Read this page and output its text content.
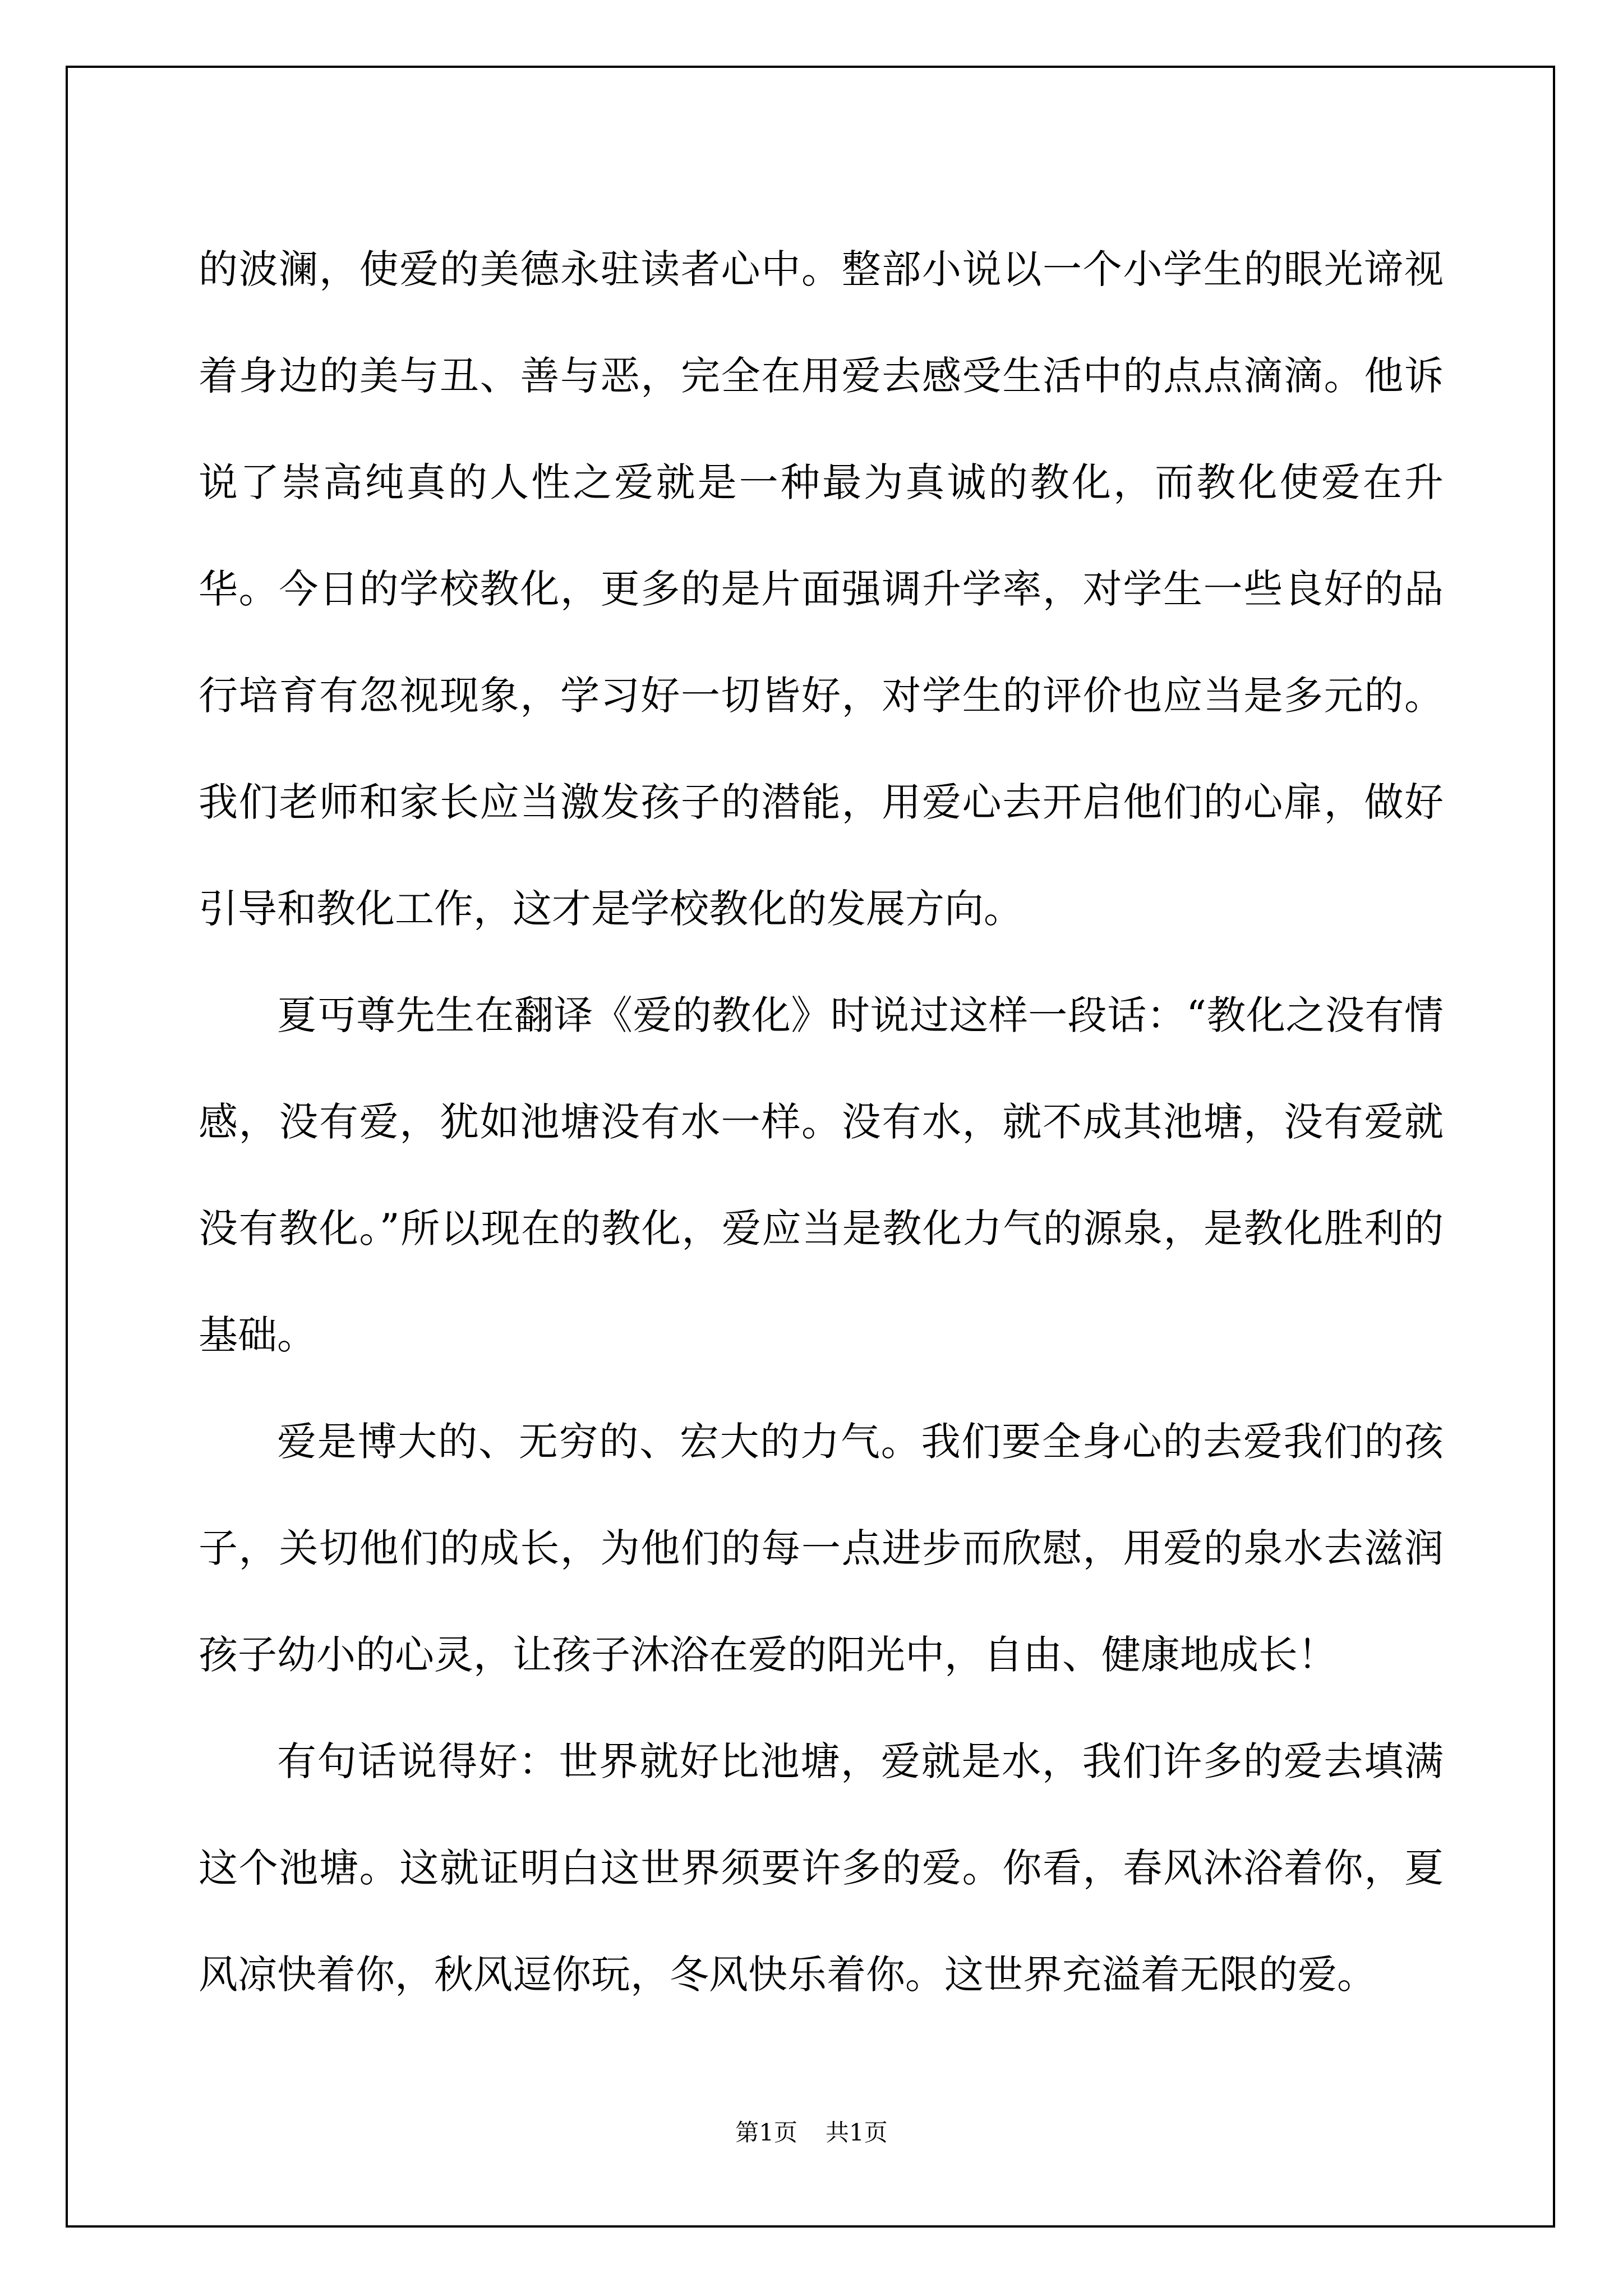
的波澜，使爱的美德永驻读者心中。整部小说以一个小学生的眼光谛视着身边的美与丑、善与恶，完全在用爱去感受生活中的点点滴滴。他诉说了崇高纯真的人性之爱就是一种最为真诚的教化，而教化使爱在升华。今日的学校教化，更多的是片面强调升学率，对学生一些良好的品行培育有忽视现象，学习好一切皆好，对学生的评价也应当是多元的。我们老师和家长应当激发孩子的潜能，用爱心去开启他们的心扉，做好引导和教化工作，这才是学校教化的发展方向。

夏丏尊先生在翻译《爱的教化》时说过这样一段话：“教化之没有情感，没有爱，犹如池塘没有水一样。没有水，就不成其池塘，没有爱就没有教化。”所以现在的教化，爱应当是教化力气的源泉，是教化胜利的基础。

爱是博大的、无穷的、宏大的力气。我们要全身心的去爱我们的孩子，关切他们的成长，为他们的每一点进步而欣慰，用爱的泉水去滋润孩子幼小的心灵，让孩子沐浴在爱的阳光中，自由、健康地成长！

有句话说得好：世界就好比池塘，爱就是水，我们许多的爱去填满这个池塘。这就证明白这世界须要许多的爱。你看，春风沐浴着你，夏风凉快着你，秋风逗你玩，冬风快乐着你。这世界充溢着无限的爱。

第1页 共1页
